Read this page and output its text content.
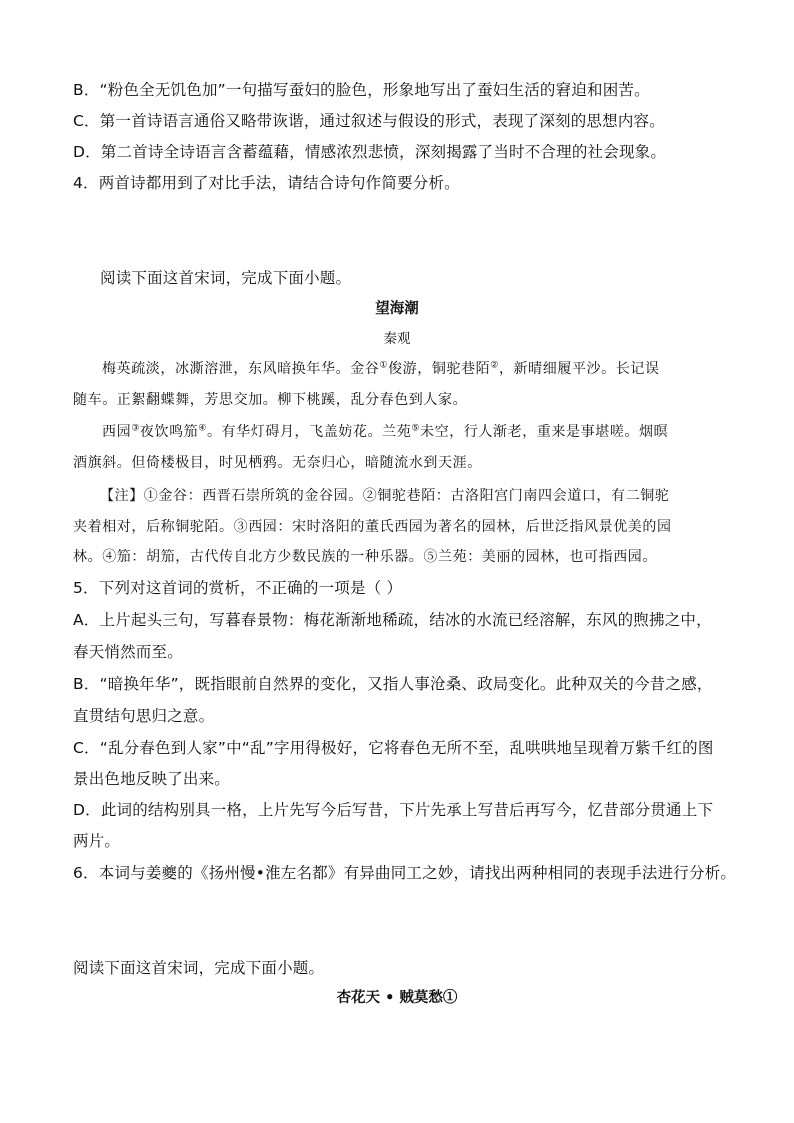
B．“粉色全无饥色加”一句描写蚕妇的脸色，形象地写出了蚕妇生活的窘迫和困苦。
C．第一首诗语言通俗又略带诙谐，通过叙述与假设的形式，表现了深刻的思想内容。
D．第二首诗全诗语言含蓄蕴藉，情感浓烈悲愤，深刻揭露了当时不合理的社会现象。
4．两首诗都用到了对比手法，请结合诗句作简要分析。
阅读下面这首宋词，完成下面小题。
望海潮
秦观
梅英疏淡，冰澌溶泄，东风暗换年华。金谷①俊游，铜驼巷陌②，新晴细履平沙。长记误
随车。正絮翻蝶舞，芳思交加。柳下桃蹊，乱分春色到人家。
西园③夜饮鸣笳④。有华灯碍月，飞盖妨花。兰苑⑤未空，行人渐老，重来是事堪嗟。烟暝
酒旗斜。但倚楼极目，时见栖鸦。无奈归心，暗随流水到天涯。
【注】①金谷：西晋石崇所筑的金谷园。②铜驼巷陌：古洛阳宫门南四会道口，有二铜驼
夹着相对，后称铜驼陌。③西园：宋时洛阳的董氏西园为著名的园林，后世泛指风景优美的园
林。④笳：胡笳，古代传自北方少数民族的一种乐器。⑤兰苑：美丽的园林，也可指西园。
5．下列对这首词的赏析，不正确的一项是（ ）
A．上片起头三句，写暮春景物：梅花渐渐地稀疏，结冰的水流已经溶解，东风的煦拂之中，
春天悄然而至。
B．“暗换年华”，既指眼前自然界的变化，又指人事沧桑、政局变化。此种双关的今昔之感，
直贯结句思归之意。
C．“乱分春色到人家”中“乱”字用得极好，它将春色无所不至，乱哄哄地呈现着万紫千红的图
景出色地反映了出来。
D．此词的结构别具一格，上片先写今后写昔，下片先承上写昔后再写今，忆昔部分贯通上下
两片。
6．本词与姜夔的《扬州慢•淮左名都》有异曲同工之妙，请找出两种相同的表现手法进行分析。
阅读下面这首宋词，完成下面小题。
杏花天 • 贼莫愁①
